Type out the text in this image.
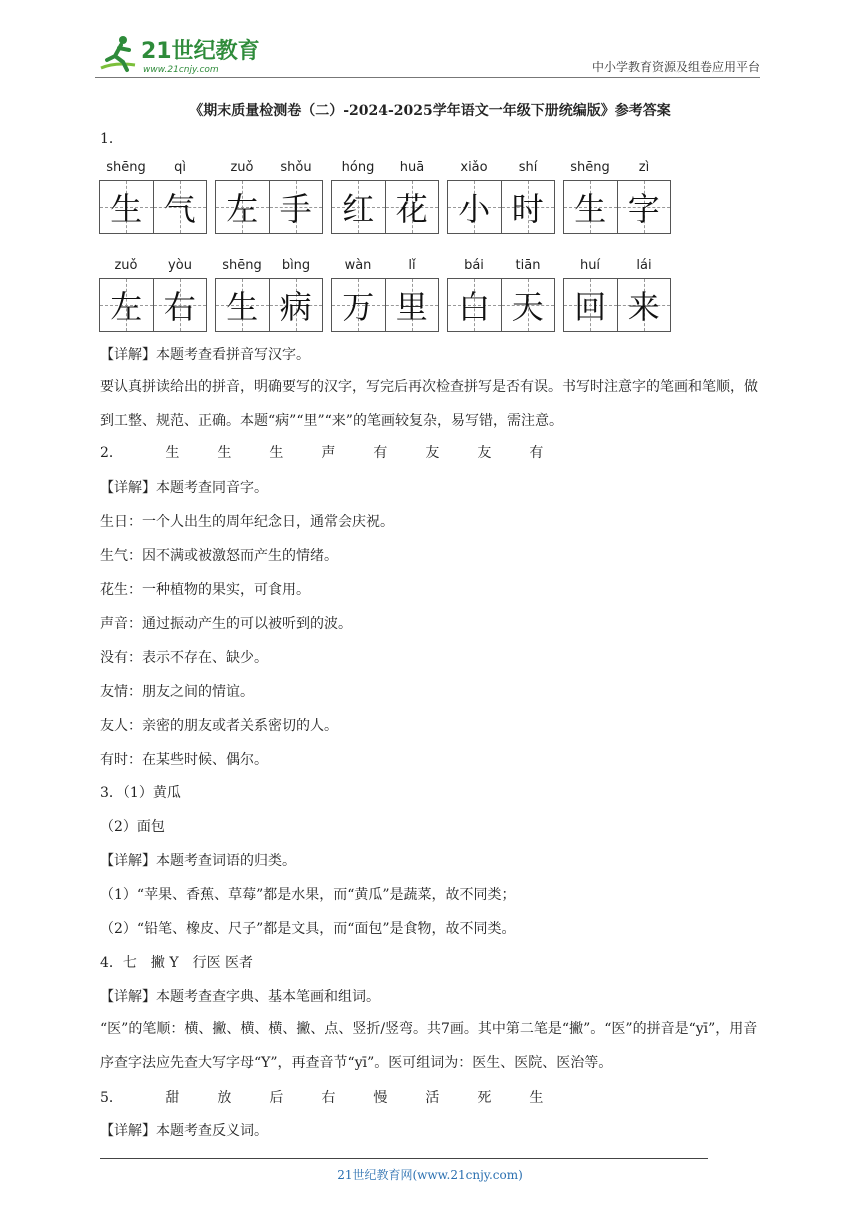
21世纪教育
www.21cnjy.com	中小学教育资源及组卷应用平台
《期末质量检测卷（二）-2024-2025学年语文一年级下册统编版》参考答案
1．
shēng	qì
生 气
zuǒ	shǒu
左 手
hóng	huā
红 花
xiǎo	shí
小 时
shēng	zì
生 字
zuǒ	yòu
左 右
shēng	bìng
生 病
wàn	lǐ
万 里
bái	tiān
白 天
huí	lái
回 来
【详解】本题考查看拼音写汉字。
要认真拼读给出的拼音，明确要写的汉字，写完后再次检查拼写是否有误。书写时注意字的笔画和笔顺，做到工整、规范、正确。本题“病”“里”“来”的笔画较复杂，易写错，需注意。
2．	生	生	生	声	有	友	友	有
【详解】本题考查同音字。
生日：一个人出生的周年纪念日，通常会庆祝。
生气：因不满或被激怒而产生的情绪。
花生：一种植物的果实，可食用。
声音：通过振动产生的可以被听到的波。
没有：表示不存在、缺少。
友情：朋友之间的情谊。
友人：亲密的朋友或者关系密切的人。
有时：在某些时候、偶尔。
3．（1）黄瓜
（2）面包
【详解】本题考查词语的归类。
（1）“苹果、香蕉、草莓”都是水果，而“黄瓜”是蔬菜，故不同类；
（2）“铅笔、橡皮、尺子”都是文具，而“面包”是食物，故不同类。
4．七　撇 Y　行医 医者
【详解】本题考查查字典、基本笔画和组词。
“医”的笔顺：横、撇、横、横、撇、点、竖折/竖弯。共7画。其中第二笔是“撇”。“医”的拼音是“yī”，用音序查字法应先查大写字母“Y”，再查音节“yī”。医可组词为：医生、医院、医治等。
5．	甜	放	后	右	慢	活	死	生
【详解】本题考查反义词。
21世纪教育网(www.21cnjy.com)
